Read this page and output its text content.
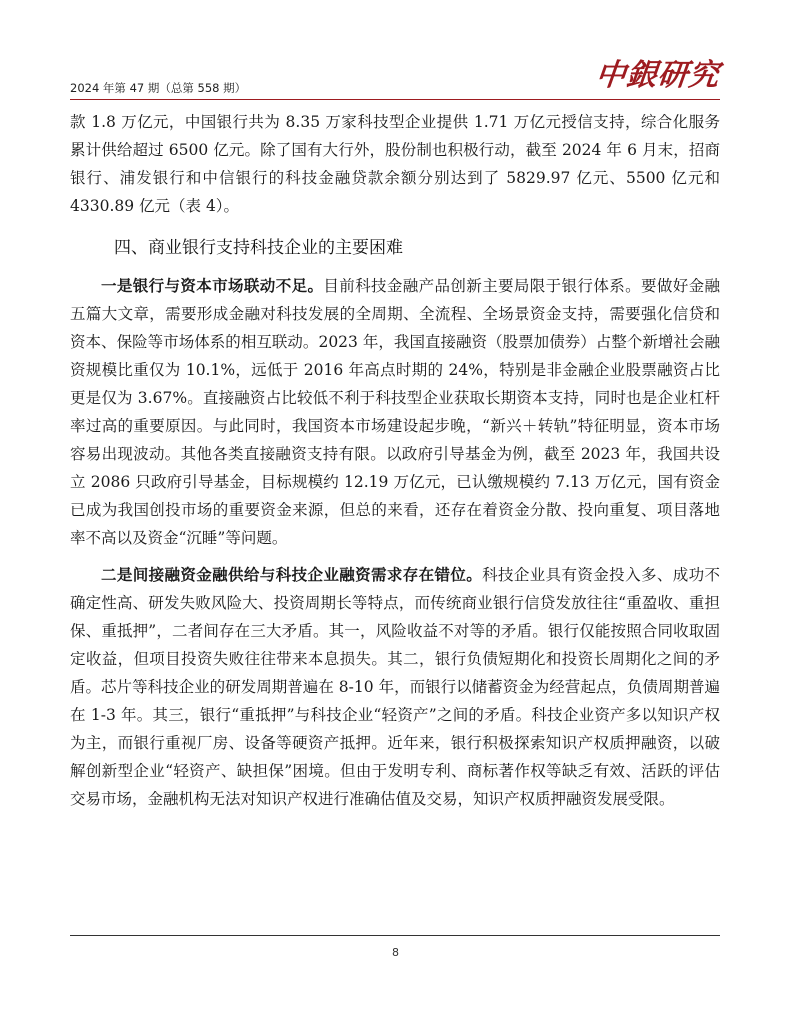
2024 年第 47 期（总第 558 期）	中銀研究

款 1.8 万亿元，中国银行共为 8.35 万家科技型企业提供 1.71 万亿元授信支持，综合化服务累计供给超过 6500 亿元。除了国有大行外，股份制也积极行动，截至 2024 年 6 月末，招商银行、浦发银行和中信银行的科技金融贷款余额分别达到了 5829.97 亿元、5500 亿元和 4330.89 亿元（表 4）。

四、商业银行支持科技企业的主要困难

一是银行与资本市场联动不足。目前科技金融产品创新主要局限于银行体系。要做好金融五篇大文章，需要形成金融对科技发展的全周期、全流程、全场景资金支持，需要强化信贷和资本、保险等市场体系的相互联动。2023 年，我国直接融资（股票加债券）占整个新增社会融资规模比重仅为 10.1%，远低于 2016 年高点时期的 24%，特别是非金融企业股票融资占比更是仅为 3.67%。直接融资占比较低不利于科技型企业获取长期资本支持，同时也是企业杠杆率过高的重要原因。与此同时，我国资本市场建设起步晚，“新兴＋转轨”特征明显，资本市场容易出现波动。其他各类直接融资支持有限。以政府引导基金为例，截至 2023 年，我国共设立 2086 只政府引导基金，目标规模约 12.19 万亿元，已认缴规模约 7.13 万亿元，国有资金已成为我国创投市场的重要资金来源，但总的来看，还存在着资金分散、投向重复、项目落地率不高以及资金“沉睡”等问题。

二是间接融资金融供给与科技企业融资需求存在错位。科技企业具有资金投入多、成功不确定性高、研发失败风险大、投资周期长等特点，而传统商业银行信贷发放往往“重盈收、重担保、重抵押”，二者间存在三大矛盾。其一，风险收益不对等的矛盾。银行仅能按照合同收取固定收益，但项目投资失败往往带来本息损失。其二，银行负债短期化和投资长周期化之间的矛盾。芯片等科技企业的研发周期普遍在 8-10 年，而银行以储蓄资金为经营起点，负债周期普遍在 1-3 年。其三，银行“重抵押”与科技企业“轻资产”之间的矛盾。科技企业资产多以知识产权为主，而银行重视厂房、设备等硬资产抵押。近年来，银行积极探索知识产权质押融资，以破解创新型企业“轻资产、缺担保”困境。但由于发明专利、商标著作权等缺乏有效、活跃的评估交易市场，金融机构无法对知识产权进行准确估值及交易，知识产权质押融资发展受限。

8
